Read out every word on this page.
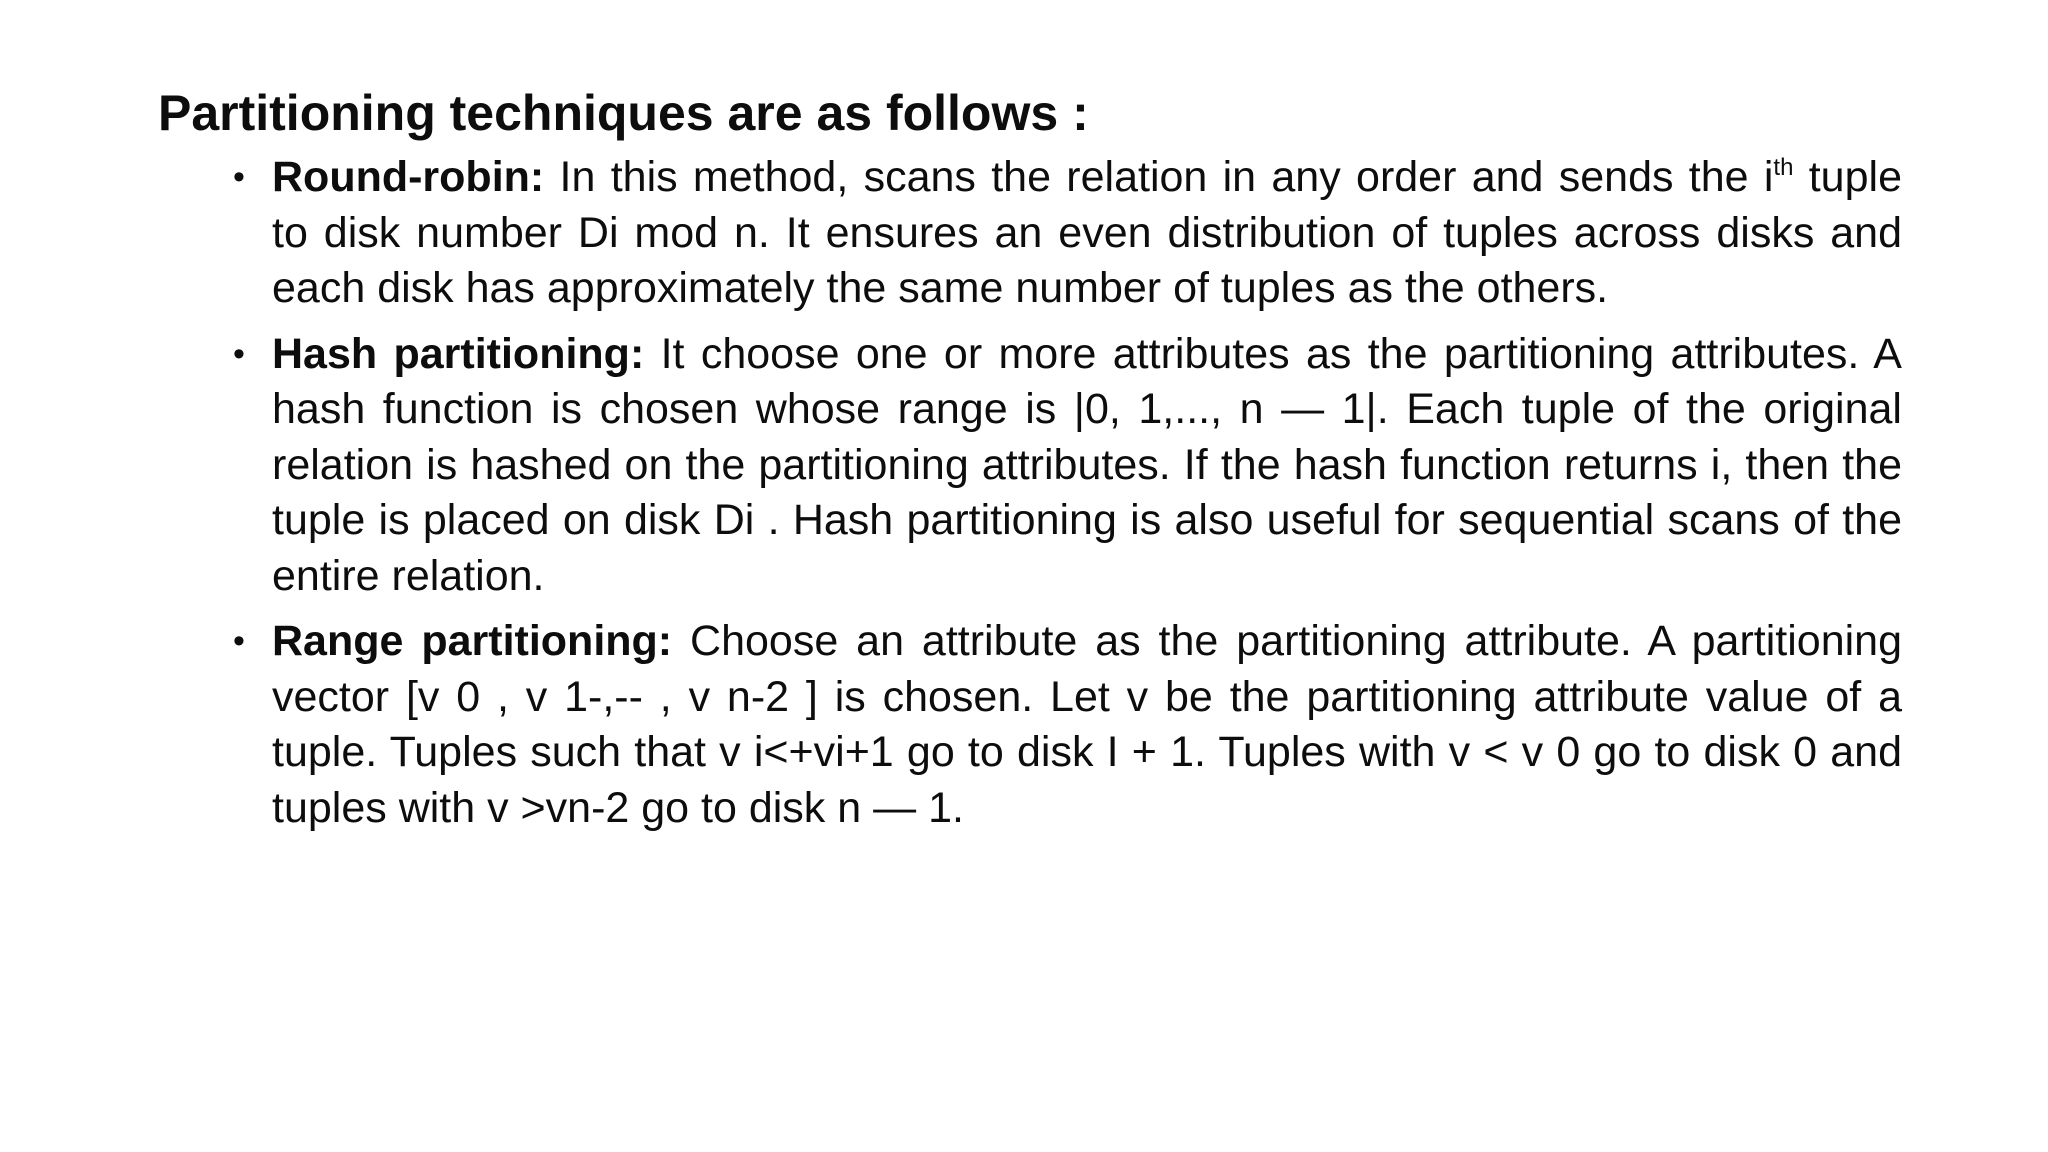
Partitioning techniques are as follows :
• Round-robin: In this method, scans the relation in any order and sends the $i^{th}$ tuple to disk number Di mod n. It ensures an even distribution of tuples across disks and each disk has approximately the same number of tuples as the others.
• Hash partitioning: It choose one or more attributes as the partitioning attributes. A hash function is chosen whose range is |0, 1,..., n — 1|. Each tuple of the original relation is hashed on the partitioning attributes. If the hash function returns i, then the tuple is placed on disk Di . Hash partitioning is also useful for sequential scans of the entire relation.
• Range partitioning: Choose an attribute as the partitioning attribute. A partitioning vector [v 0 , v 1-,-- , v n-2 ] is chosen. Let v be the partitioning attribute value of a tuple. Tuples such that v i<+vi+1 go to disk I + 1. Tuples with v < v 0 go to disk 0 and tuples with v >vn-2 go to disk n — 1.
